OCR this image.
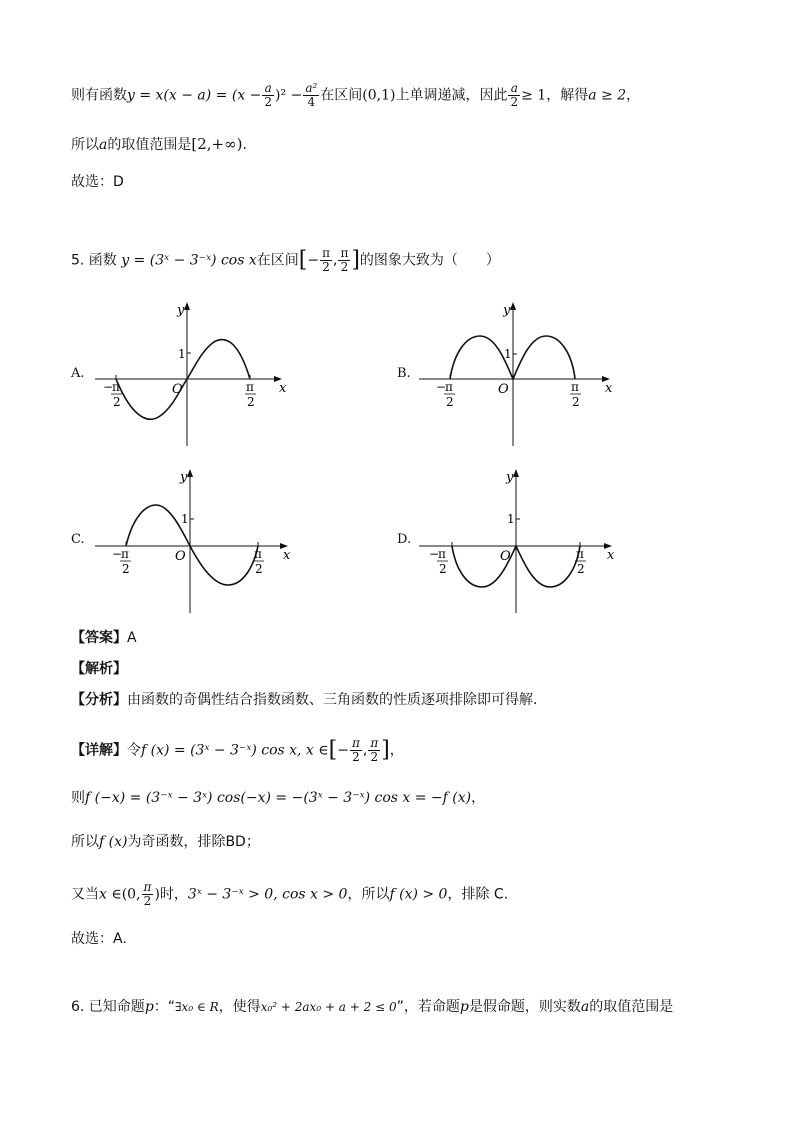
则有函数$y = x(x - a) = (x - \frac{a}{2} )^2 - \frac{\text{a²}}{4}$ 在区间(0,1)上单调递减，因此 $\frac{a}{2} \ge 1$，解得a ≥ 2，
所以a的取值范围是[2,+∞).
故选：D
5. 函数 y = (3ˣ − 3⁻ˣ) cos x在区间[− $\frac{\pi}{2}$ , $\frac{\pi}{2}$ ]的图象大致为（　　）
A.	B.
C.	D.
y
x
O
1
−
π
2
π
2
y
x
O
1
−
π
2
π
2
y
x
O
1
−
π
2
π
2
y
x
O
1
−
π
2
π
2
【答案】A
【解析】
【分析】由函数的奇偶性结合指数函数、三角函数的性质逐项排除即可得解.
【详解】令f (x) = (3ˣ − 3⁻ˣ) cos x, x ∈[− $\frac{\pi}{2}$ , $\frac{\pi}{2}$ ]，
则f (−x) = (3⁻ˣ − 3ˣ) cos(−x) = −(3ˣ − 3⁻ˣ) cos x = −f (x)，
所以f (x)为奇函数，排除BD；
又当x ∈(0, $\frac{\pi}{2}$ )时，3ˣ − 3⁻ˣ > 0, cos x > 0，所以f (x) > 0，排除 C.
故选：A.
6. 已知命题p：“∃x₀ ∈ R，使得x₀² + 2ax₀ + a + 2 ≤ 0”，若命题p是假命题，则实数a的取值范围是
